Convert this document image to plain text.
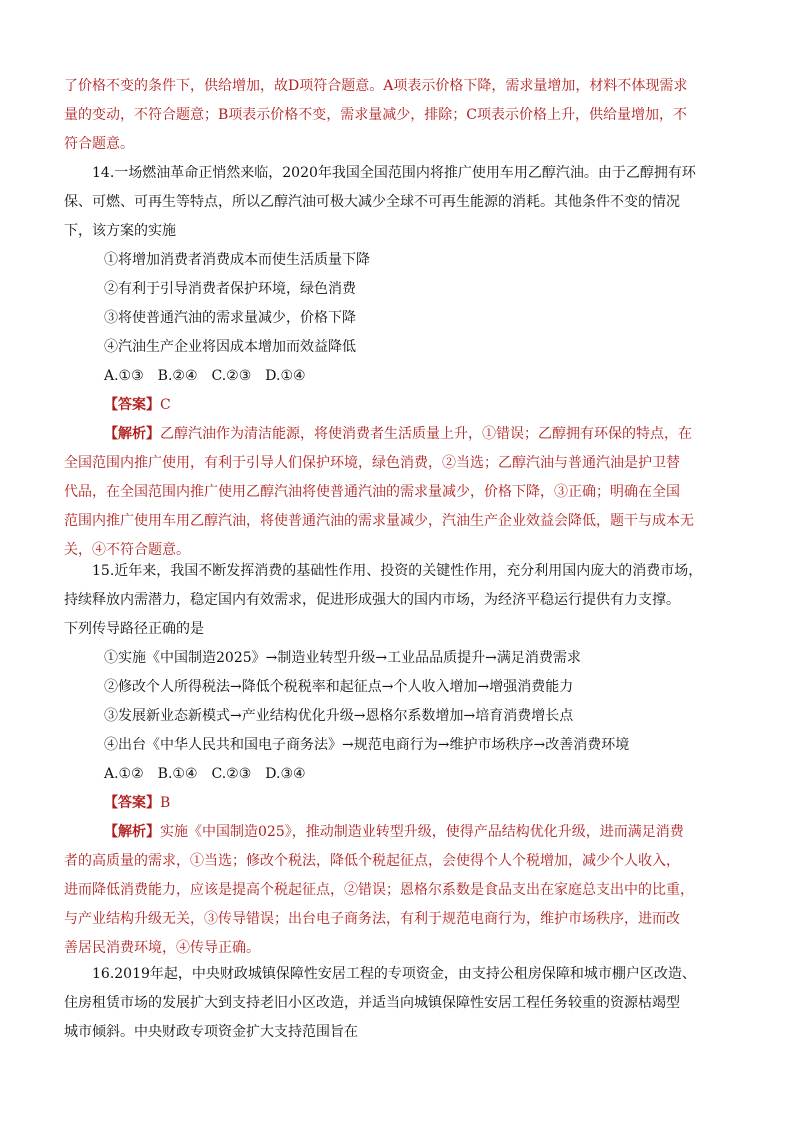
了价格不变的条件下，供给增加，故D项符合题意。A项表示价格下降，需求量增加，材料不体现需求

量的变动，不符合题意；B项表示价格不变，需求量减少，排除；C项表示价格上升，供给量增加，不

符合题意。

14.一场燃油革命正悄然来临，2020年我国全国范围内将推广使用车用乙醇汽油。由于乙醇拥有环

保、可燃、可再生等特点，所以乙醇汽油可极大减少全球不可再生能源的消耗。其他条件不变的情况

下，该方案的实施

①将增加消费者消费成本而使生活质量下降

②有利于引导消费者保护环境，绿色消费

③将使普通汽油的需求量减少，价格下降

④汽油生产企业将因成本增加而效益降低

A.①③　B.②④　C.②③　D.①④

【答案】C

【解析】乙醇汽油作为清洁能源，将使消费者生活质量上升，①错误；乙醇拥有环保的特点，在

全国范围内推广使用，有利于引导人们保护环境，绿色消费，②当选；乙醇汽油与普通汽油是护卫替

代品，在全国范围内推广使用乙醇汽油将使普通汽油的需求量减少，价格下降，③正确；明确在全国

范围内推广使用车用乙醇汽油，将使普通汽油的需求量减少，汽油生产企业效益会降低，题干与成本无

关，④不符合题意。

15.近年来，我国不断发挥消费的基础性作用、投资的关键性作用，充分利用国内庞大的消费市场，

持续释放内需潜力，稳定国内有效需求，促进形成强大的国内市场，为经济平稳运行提供有力支撑。

下列传导路径正确的是

①实施《中国制造2025》→制造业转型升级→工业品品质提升→满足消费需求

②修改个人所得税法→降低个税税率和起征点→个人收入增加→增强消费能力

③发展新业态新模式→产业结构优化升级→恩格尔系数增加→培育消费增长点

④出台《中华人民共和国电子商务法》→规范电商行为→维护市场秩序→改善消费环境

A.①②　B.①④　C.②③　D.③④

【答案】B

【解析】实施《中国制造025》，推动制造业转型升级，使得产品结构优化升级，进而满足消费

者的高质量的需求，①当选；修改个税法，降低个税起征点，会使得个人个税增加，减少个人收入，

进而降低消费能力，应该是提高个税起征点，②错误；恩格尔系数是食品支出在家庭总支出中的比重，

与产业结构升级无关，③传导错误；出台电子商务法，有利于规范电商行为，维护市场秩序，进而改

善居民消费环境，④传导正确。

16.2019年起，中央财政城镇保障性安居工程的专项资金，由支持公租房保障和城市棚户区改造、

住房租赁市场的发展扩大到支持老旧小区改造，并适当向城镇保障性安居工程任务较重的资源枯竭型

城市倾斜。中央财政专项资金扩大支持范围旨在
